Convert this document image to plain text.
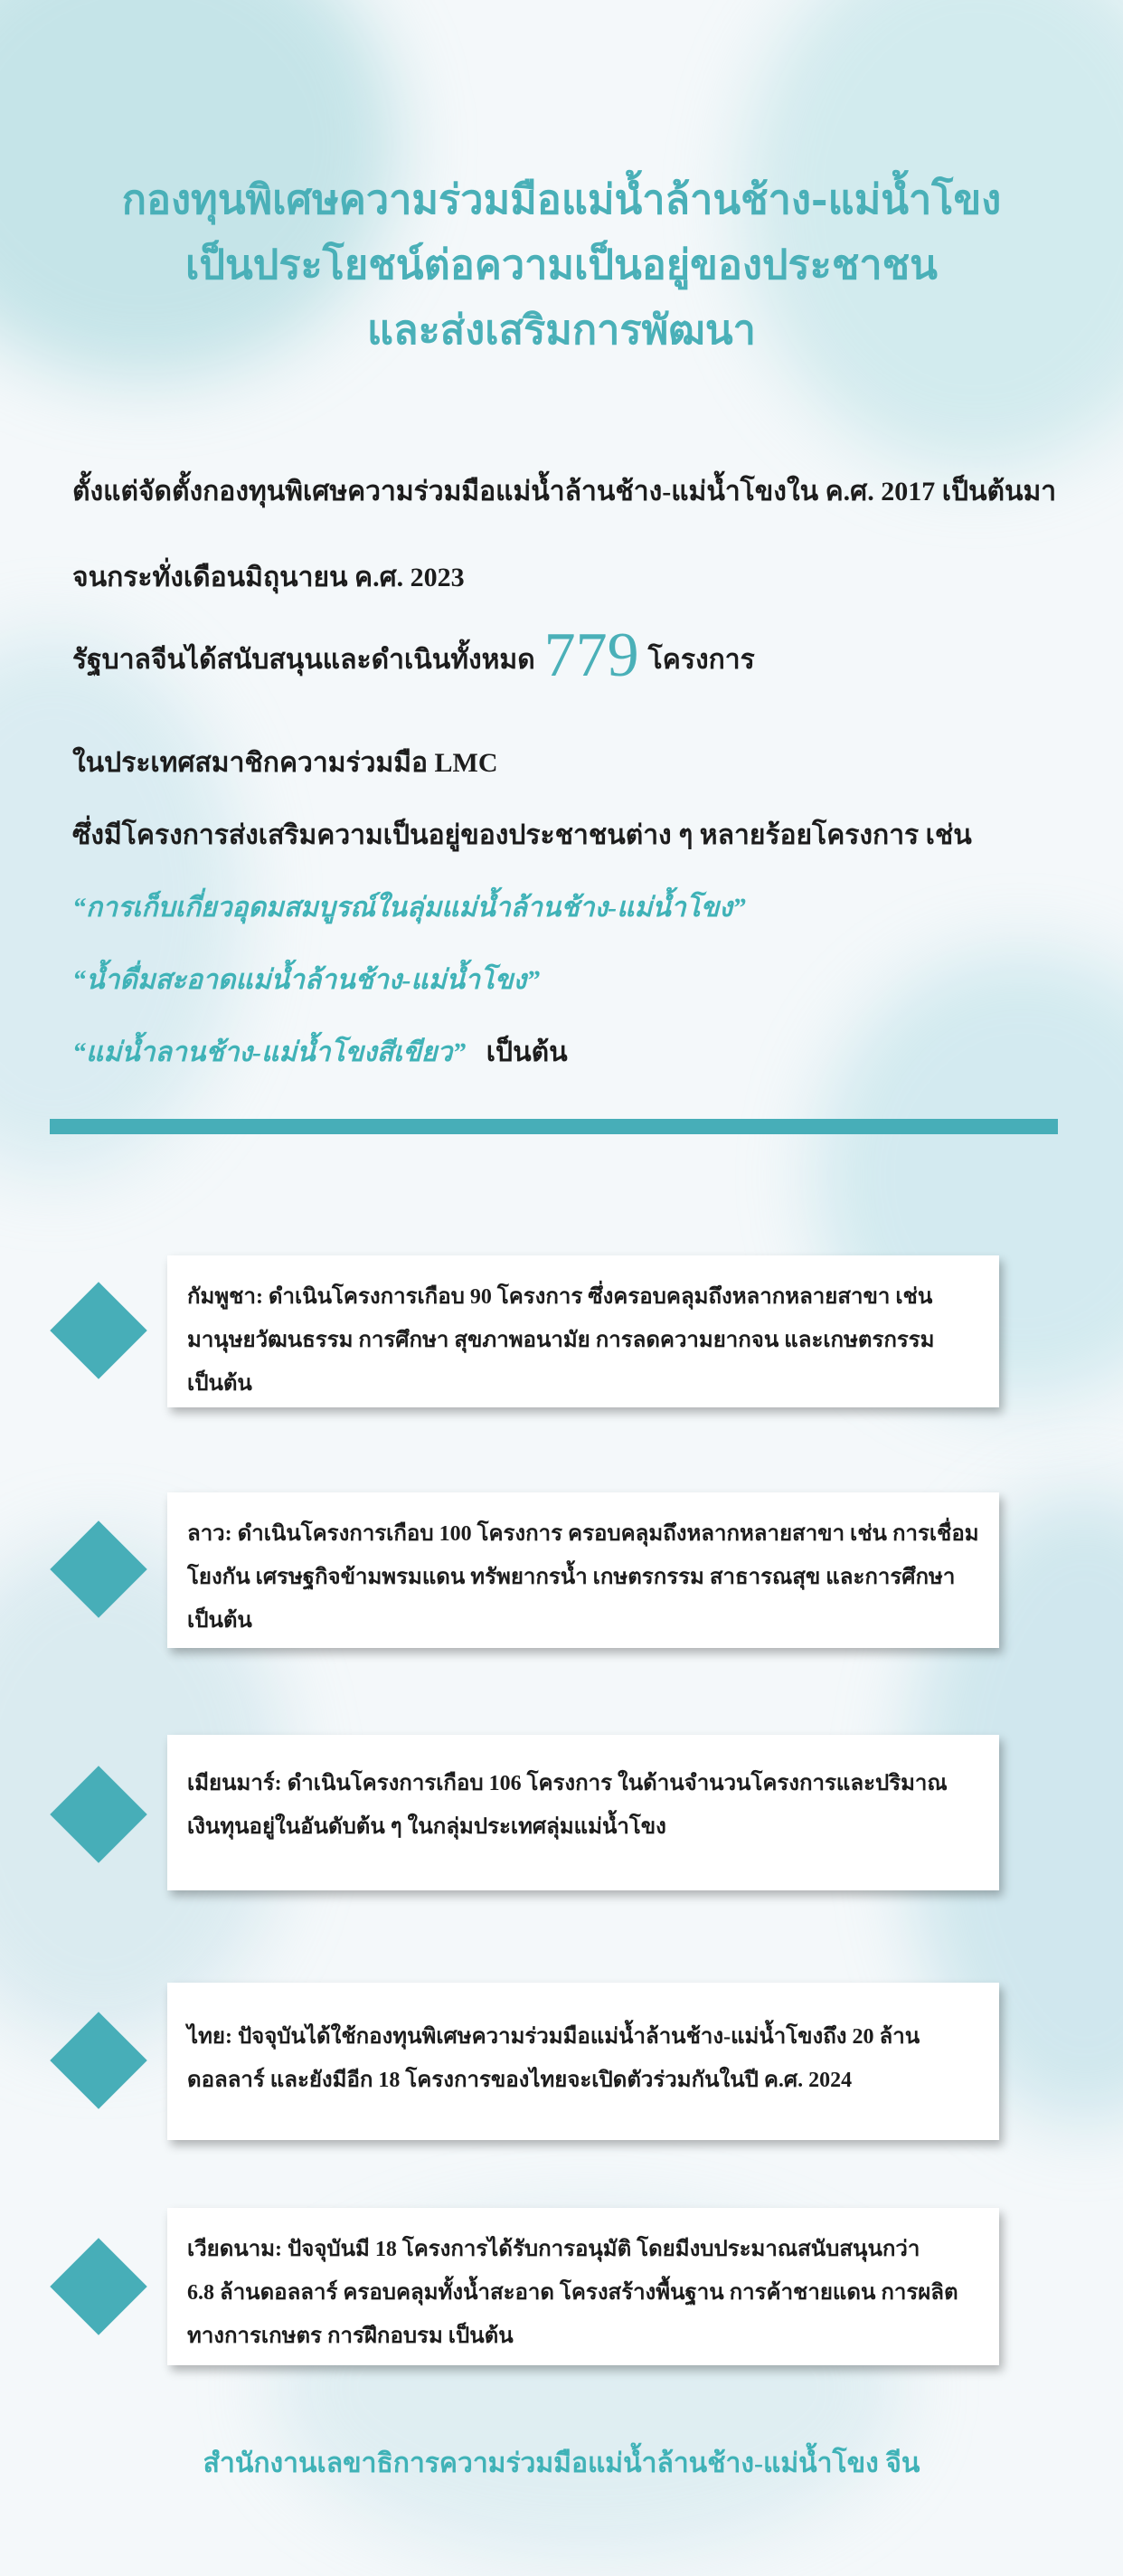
กองทุนพิเศษความร่วมมือแม่น้ำล้านช้าง-แม่น้ำโขง
เป็นประโยชน์ต่อความเป็นอยู่ของประชาชน
และส่งเสริมการพัฒนา
ตั้งแต่จัดตั้งกองทุนพิเศษความร่วมมือแม่น้ำล้านช้าง-แม่น้ำโขงใน ค.ศ. 2017 เป็นต้นมา
จนกระทั่งเดือนมิถุนายน ค.ศ. 2023
รัฐบาลจีนได้สนับสนุนและดำเนินทั้งหมด 779 โครงการ
ในประเทศสมาชิกความร่วมมือ LMC
ซึ่งมีโครงการส่งเสริมความเป็นอยู่ของประชาชนต่าง ๆ หลายร้อยโครงการ เช่น
“การเก็บเกี่ยวอุดมสมบูรณ์ในลุ่มแม่น้ำล้านช้าง-แม่น้ำโขง”
“น้ำดื่มสะอาดแม่น้ำล้านช้าง-แม่น้ำโขง”
“แม่น้ำลานช้าง-แม่น้ำโขงสีเขียว” เป็นต้น
กัมพูชา: ดำเนินโครงการเกือบ 90 โครงการ ซึ่งครอบคลุมถึงหลากหลายสาขา เช่น
มานุษยวัฒนธรรม การศึกษา สุขภาพอนามัย การลดความยากจน และเกษตรกรรม
เป็นต้น
ลาว: ดำเนินโครงการเกือบ 100 โครงการ ครอบคลุมถึงหลากหลายสาขา เช่น การเชื่อม
โยงกัน เศรษฐกิจข้ามพรมแดน ทรัพยากรน้ำ เกษตรกรรม สาธารณสุข และการศึกษา
เป็นต้น
เมียนมาร์: ดำเนินโครงการเกือบ 106 โครงการ ในด้านจำนวนโครงการและปริมาณ
เงินทุนอยู่ในอันดับต้น ๆ ในกลุ่มประเทศลุ่มแม่น้ำโขง
ไทย: ปัจจุบันได้ใช้กองทุนพิเศษความร่วมมือแม่น้ำล้านช้าง-แม่น้ำโขงถึง 20 ล้าน
ดอลลาร์ และยังมีอีก 18 โครงการของไทยจะเปิดตัวร่วมกันในปี ค.ศ. 2024
เวียดนาม: ปัจจุบันมี 18 โครงการได้รับการอนุมัติ โดยมีงบประมาณสนับสนุนกว่า
6.8 ล้านดอลลาร์ ครอบคลุมทั้งน้ำสะอาด โครงสร้างพื้นฐาน การค้าชายแดน การผลิต
ทางการเกษตร การฝึกอบรม เป็นต้น
สำนักงานเลขาธิการความร่วมมือแม่น้ำล้านช้าง-แม่น้ำโขง จีน
